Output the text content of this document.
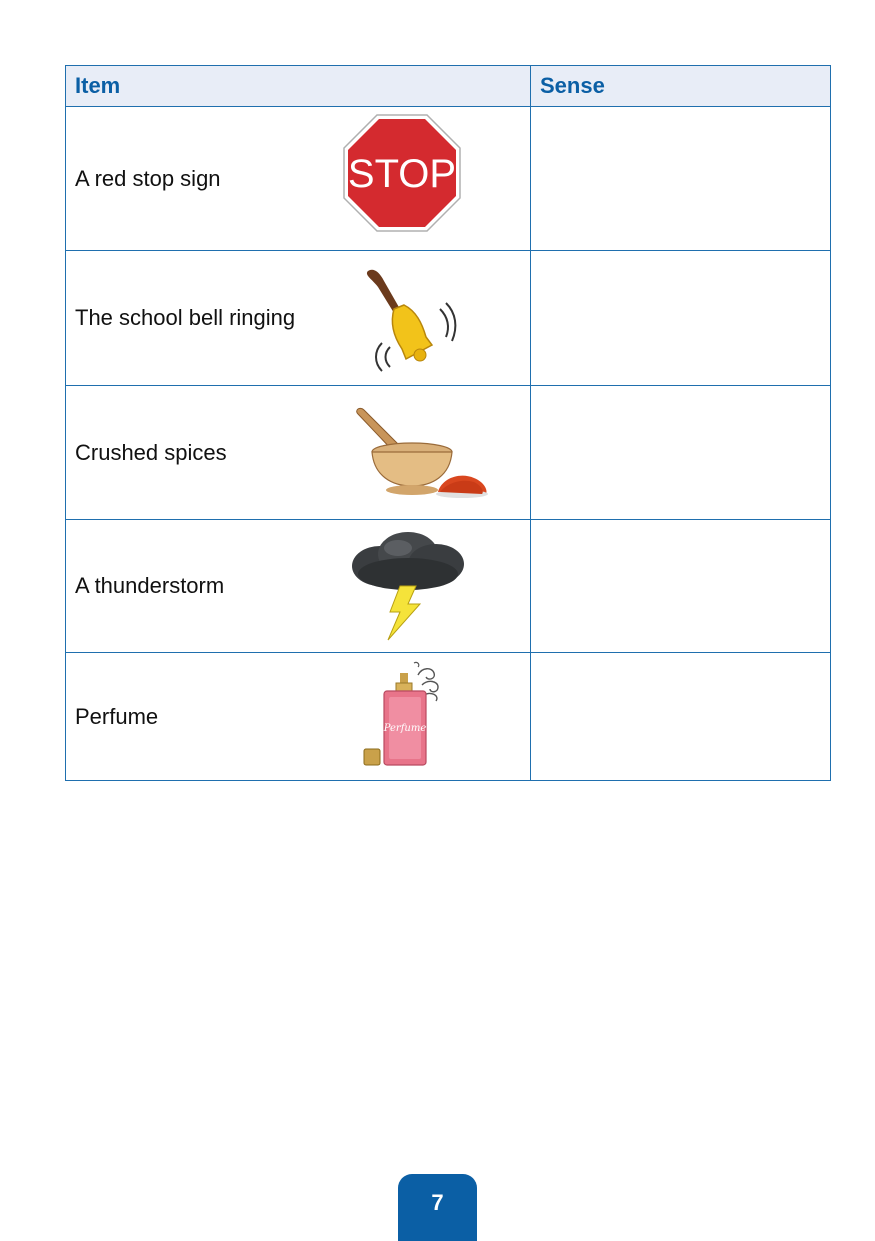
Item	Sense

A red stop sign STOP	

The school bell ringing	

Crushed spices	

A thunderstorm	

Perfume Perfume	

7
